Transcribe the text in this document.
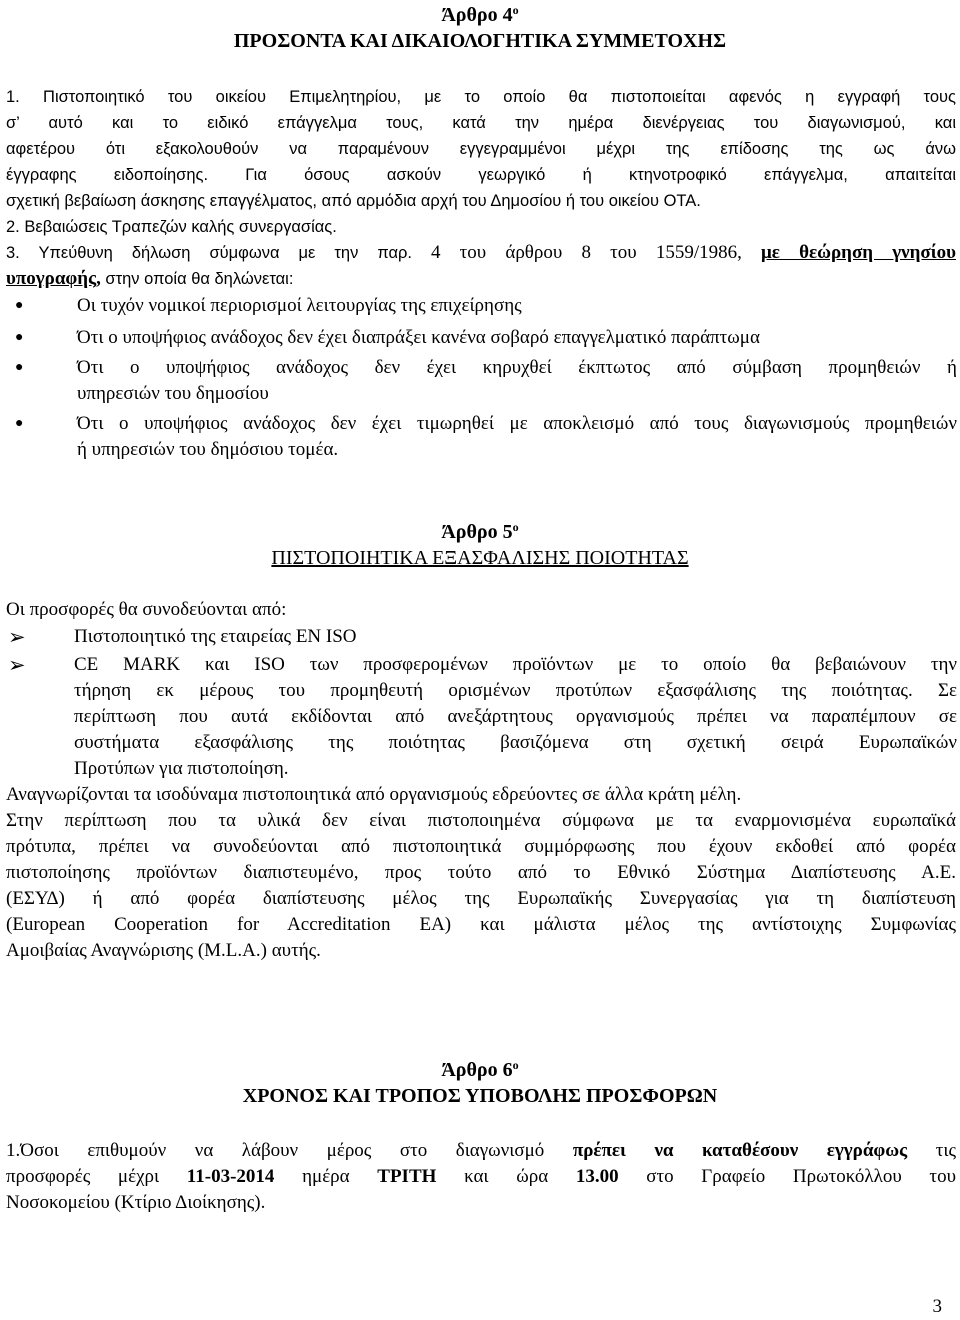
Άρθρο $4^o$
ΠΡΟΣΟΝΤΑ ΚΑΙ ΔΙΚΑΙΟΛΟΓΗΤΙΚΑ ΣΥΜΜΕΤΟΧΗΣ
1. Πιστοποιητικό του οικείου Επιμελητηρίου, με το οποίο θα πιστοποιείται αφενός η εγγραφή τους
σ’ αυτό και το ειδικό επάγγελμα τους, κατά την ημέρα διενέργειας του διαγωνισμού, και
αφετέρου ότι εξακολουθούν να παραμένουν εγγεγραμμένοι μέχρι της επίδοσης της ως άνω
έγγραφης ειδοποίησης. Για όσους ασκούν γεωργικό ή κτηνοτροφικό επάγγελμα, απαιτείται
σχετική βεβαίωση άσκησης επαγγέλματος, από αρμόδια αρχή του Δημοσίου ή του οικείου ΟΤΑ.
2. Βεβαιώσεις Τραπεζών καλής συνεργασίας.
3. Υπεύθυνη δήλωση σύμφωνα με την παρ. 4 του άρθρου 8 του 1559/1986, με θεώρηση γνησίου
υπογραφής, στην οποία θα δηλώνεται:
●	Οι τυχόν νομικοί περιορισμοί λειτουργίας της επιχείρησης
●	Ότι ο υποψήφιος ανάδοχος δεν έχει διαπράξει κανένα σοβαρό επαγγελματικό παράπτωμα
●	Ότι ο υποψήφιος ανάδοχος δεν έχει κηρυχθεί έκπτωτος από σύμβαση προμηθειών ή
υπηρεσιών του δημοσίου
●	Ότι ο υποψήφιος ανάδοχος δεν έχει τιμωρηθεί με αποκλεισμό από τους διαγωνισμούς προμηθειών
ή υπηρεσιών του δημόσιου τομέα.
Άρθρο $5^o$
ΠΙΣΤΟΠΟΙΗΤΙΚΑ ΕΞΑΣΦΑΛΙΣΗΣ ΠΟΙΟΤΗΤΑΣ
Οι προσφορές θα συνοδεύονται από:
➢	Πιστοποιητικό της εταιρείας EN ISO
➢	CE MARK και ISO των προσφερομένων προϊόντων με το οποίο θα βεβαιώνουν την
τήρηση εκ μέρους του προμηθευτή ορισμένων προτύπων εξασφάλισης της ποιότητας. Σε
περίπτωση που αυτά εκδίδονται από ανεξάρτητους οργανισμούς πρέπει να παραπέμπουν σε
συστήματα εξασφάλισης της ποιότητας βασιζόμενα στη σχετική σειρά Ευρωπαϊκών
Προτύπων για πιστοποίηση.
Αναγνωρίζονται τα ισοδύναμα πιστοποιητικά από οργανισμούς εδρεύοντες σε άλλα κράτη μέλη.
Στην περίπτωση που τα υλικά δεν είναι πιστοποιημένα σύμφωνα με τα εναρμονισμένα ευρωπαϊκά
πρότυπα, πρέπει να συνοδεύονται από πιστοποιητικά συμμόρφωσης που έχουν εκδοθεί από φορέα
πιστοποίησης προϊόντων διαπιστευμένο, προς τούτο από το Εθνικό Σύστημα Διαπίστευσης Α.Ε.
(ΕΣΥΔ) ή από φορέα διαπίστευσης μέλος της Ευρωπαϊκής Συνεργασίας για τη διαπίστευση
(European Cooperation for Accreditation EA) και μάλιστα μέλος της αντίστοιχης Συμφωνίας
Αμοιβαίας Αναγνώρισης (M.L.A.) αυτής.
Άρθρο $6^o$
ΧΡΟΝΟΣ ΚΑΙ ΤΡΟΠΟΣ ΥΠΟΒΟΛΗΣ ΠΡΟΣΦΟΡΩΝ
1.Όσοι επιθυμούν να λάβουν μέρος στο διαγωνισμό πρέπει να καταθέσουν εγγράφως τις
προσφορές μέχρι 11-03-2014 ημέρα ΤΡΙΤΗ και ώρα 13.00 στο Γραφείο Πρωτοκόλλου του
Νοσοκομείου (Κτίριο Διοίκησης).
3
